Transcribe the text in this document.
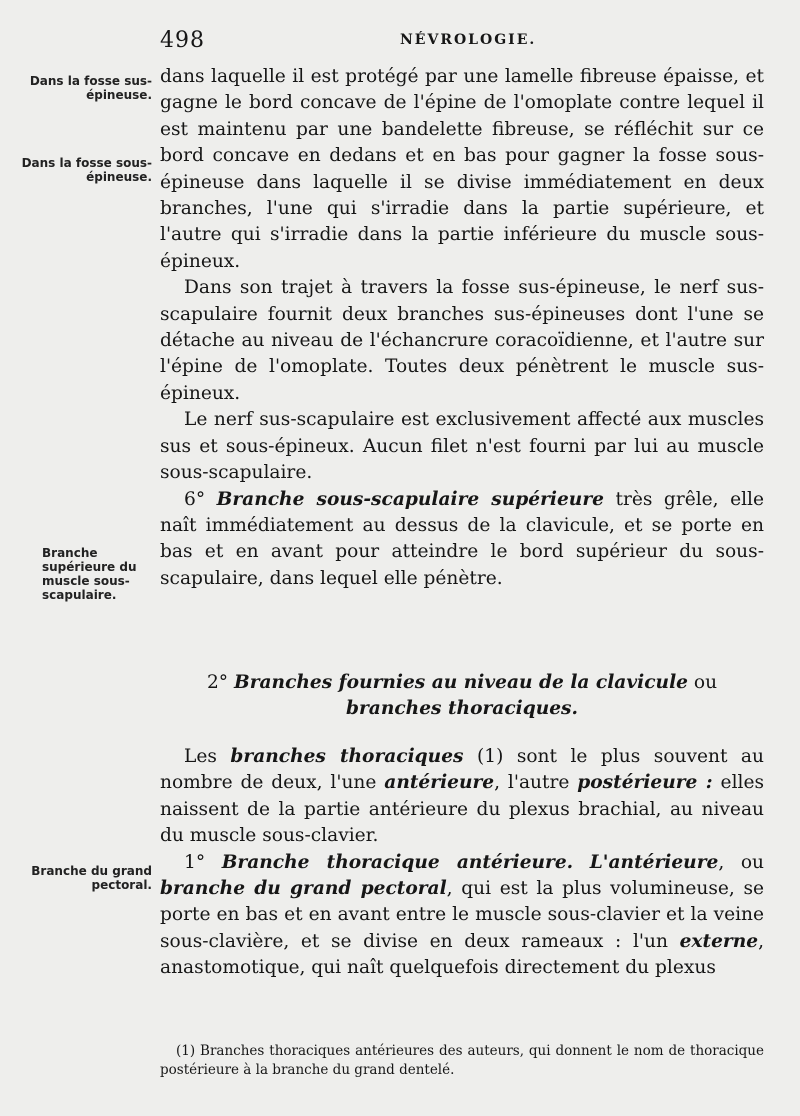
498	NÉVROLOGIE.
Dans la fosse sus-épineuse.
Dans la fosse sous-épineuse.
Branche supérieure du muscle sous-scapulaire.
Branche du grand pectoral.

dans laquelle il est protégé par une lamelle fibreuse épaisse, et gagne le bord concave de l'épine de l'omoplate contre lequel il est maintenu par une bandelette fibreuse, se réfléchit sur ce bord concave en dedans et en bas pour gagner la fosse sous-épineuse dans laquelle il se divise immédiatement en deux branches, l'une qui s'irradie dans la partie supérieure, et l'autre qui s'irradie dans la partie inférieure du muscle sous-épineux.

Dans son trajet à travers la fosse sus-épineuse, le nerf sus-scapulaire fournit deux branches sus-épineuses dont l'une se détache au niveau de l'échancrure coracoïdienne, et l'autre sur l'épine de l'omoplate. Toutes deux pénètrent le muscle sus-épineux.

Le nerf sus-scapulaire est exclusivement affecté aux muscles sus et sous-épineux. Aucun filet n'est fourni par lui au muscle sous-scapulaire.

6° Branche sous-scapulaire supérieure très grêle, elle naît immédiatement au dessus de la clavicule, et se porte en bas et en avant pour atteindre le bord supérieur du sous-scapulaire, dans lequel elle pénètre.

2° Branches fournies au niveau de la clavicule ou branches thoraciques.

Les branches thoraciques (1) sont le plus souvent au nombre de deux, l'une antérieure, l'autre postérieure : elles naissent de la partie antérieure du plexus brachial, au niveau du muscle sous-clavier.

1° Branche thoracique antérieure. L'antérieure, ou branche du grand pectoral, qui est la plus volumineuse, se porte en bas et en avant entre le muscle sous-clavier et la veine sous-clavière, et se divise en deux rameaux : l'un externe, anastomotique, qui naît quelquefois directement du plexus

(1) Branches thoraciques antérieures des auteurs, qui donnent le nom de thoracique postérieure à la branche du grand dentelé.
